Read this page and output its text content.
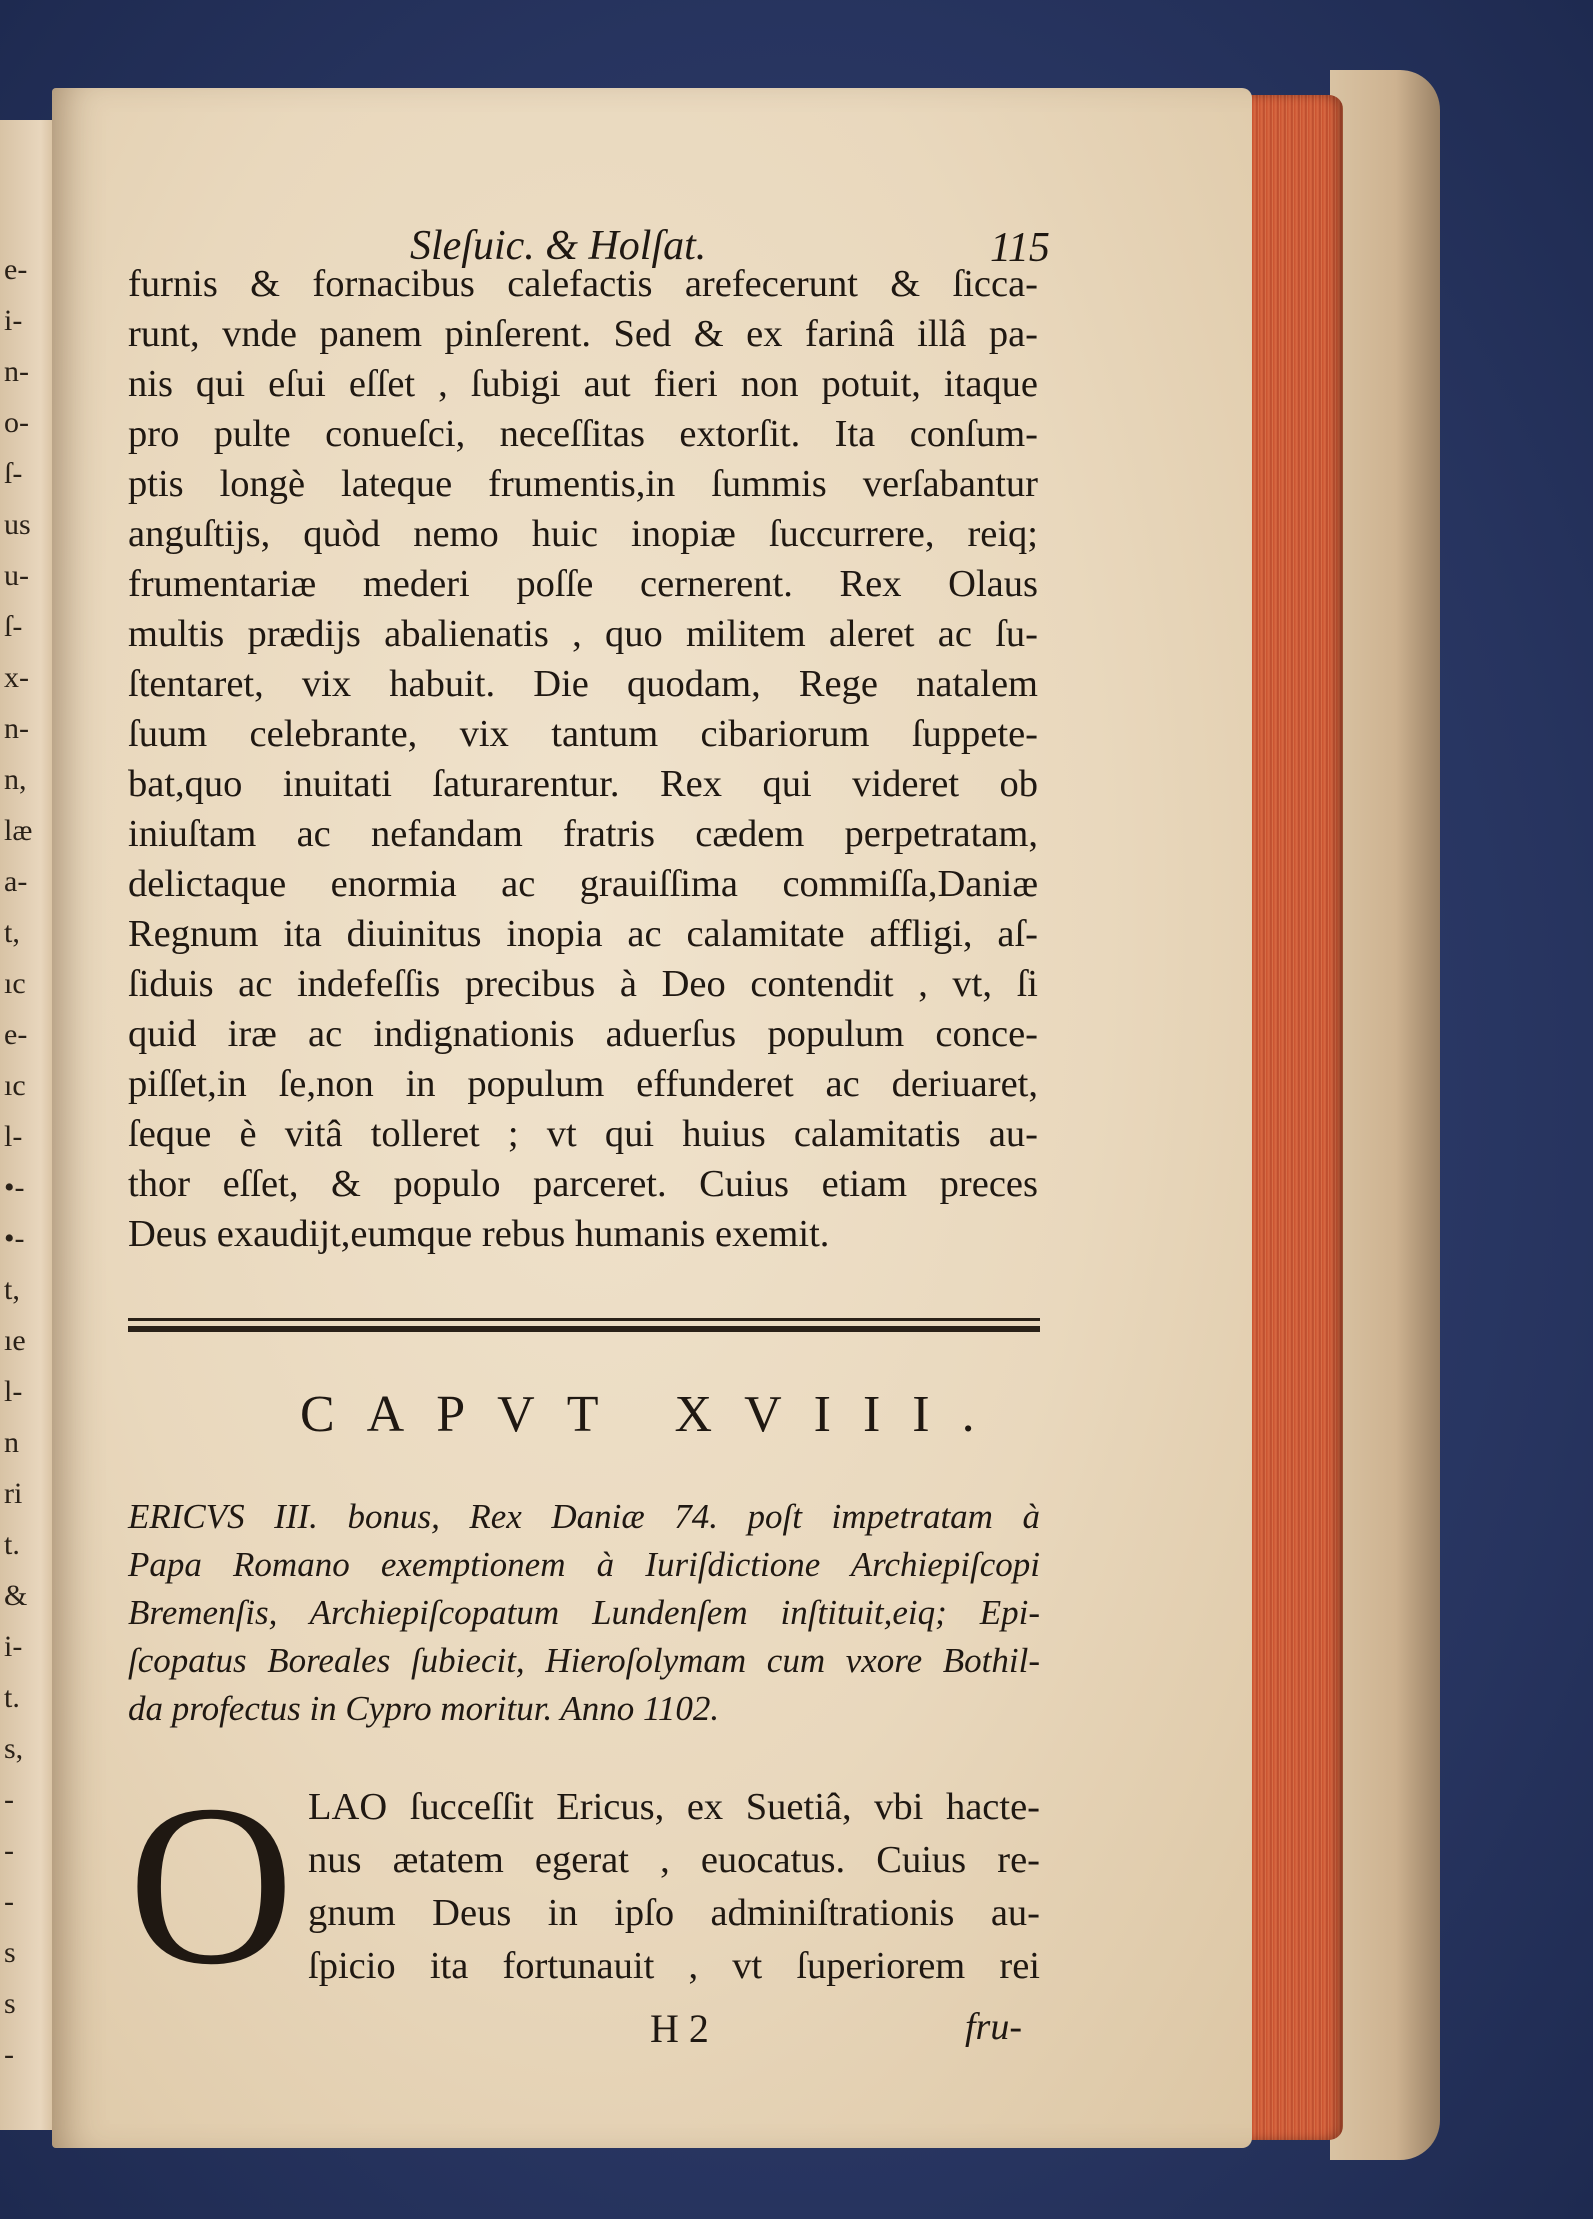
e-
i-
n-
o-
ſ-
us
u-
ſ-
x-
n-
n,
læ
a-
t,
ıc
e-
ıc
l-
•-
•-
t,
ıe
l-
n
ri
t.
&
i-
t.
s,
-
-
-
s
s
-
Sleſuic. & Holſat.	115
furnis & fornacibus calefactis arefecerunt & ſicca-
runt, vnde panem pinſerent. Sed & ex farinâ illâ pa-
nis qui eſui eſſet , ſubigi aut fieri non potuit, itaque
pro pulte conueſci, neceſſitas extorſit. Ita conſum-
ptis longè lateque frumentis,in ſummis verſabantur
anguſtijs, quòd nemo huic inopiæ ſuccurrere, reiq;
frumentariæ mederi poſſe cernerent. Rex Olaus
multis prædijs abalienatis , quo militem aleret ac ſu-
ſtentaret, vix habuit. Die quodam, Rege natalem
ſuum celebrante, vix tantum cibariorum ſuppete-
bat,quo inuitati ſaturarentur. Rex qui videret ob
iniuſtam ac nefandam fratris cædem perpetratam,
delictaque enormia ac grauiſſima commiſſa,Daniæ
Regnum ita diuinitus inopia ac calamitate affligi, aſ-
ſiduis ac indefeſſis precibus à Deo contendit , vt, ſi
quid iræ ac indignationis aduerſus populum conce-
piſſet,in ſe,non in populum effunderet ac deriuaret,
ſeque è vitâ tolleret ; vt qui huius calamitatis au-
thor eſſet, & populo parceret. Cuius etiam preces
Deus exaudijt,eumque rebus humanis exemit.
CAPVT XVIII.
ERICVS III. bonus, Rex Daniæ 74. poſt impetratam à
Papa Romano exemptionem à Iuriſdictione Archiepiſcopi
Bremenſis, Archiepiſcopatum Lundenſem inſtituit,eiq; Epi-
ſcopatus Boreales ſubiecit, Hieroſolymam cum vxore Bothil-
da profectus in Cypro moritur. Anno 1102.
O LAO ſucceſſit Ericus, ex Suetiâ, vbi hacte-
nus ætatem egerat , euocatus. Cuius re-
gnum Deus in ipſo adminiſtrationis au-
ſpicio ita fortunauit , vt ſuperiorem rei
H 2	fru-
